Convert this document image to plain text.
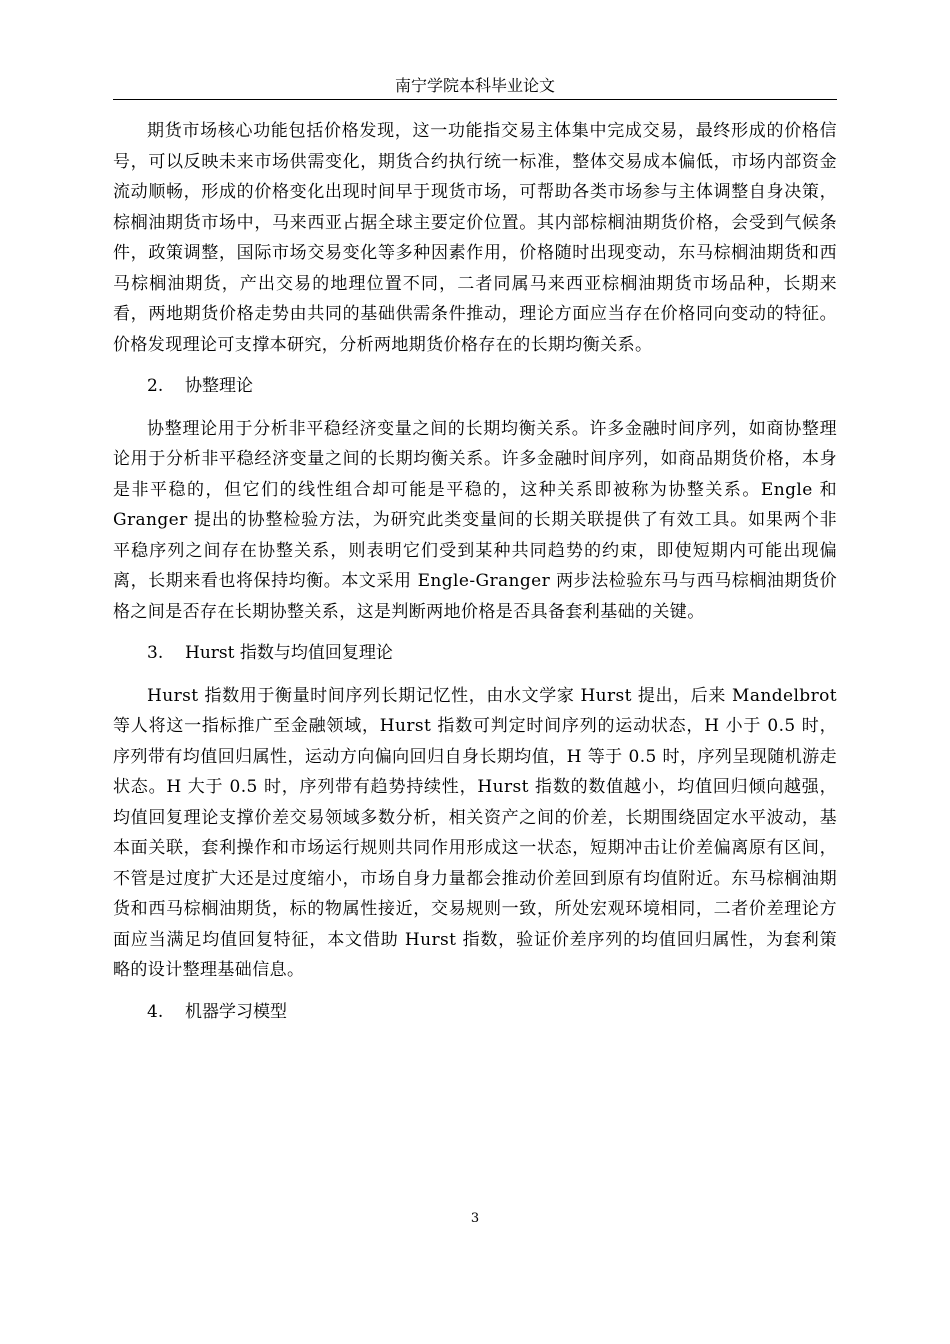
南宁学院本科毕业论文

期货市场核心功能包括价格发现，这一功能指交易主体集中完成交易，最终形成的价格信号，可以反映未来市场供需变化，期货合约执行统一标准，整体交易成本偏低，市场内部资金流动顺畅，形成的价格变化出现时间早于现货市场，可帮助各类市场参与主体调整自身决策，棕榈油期货市场中，马来西亚占据全球主要定价位置。其内部棕榈油期货价格，会受到气候条件，政策调整，国际市场交易变化等多种因素作用，价格随时出现变动，东马棕榈油期货和西马棕榈油期货，产出交易的地理位置不同，二者同属马来西亚棕榈油期货市场品种，长期来看，两地期货价格走势由共同的基础供需条件推动，理论方面应当存在价格同向变动的特征。价格发现理论可支撑本研究，分析两地期货价格存在的长期均衡关系。

2. 协整理论

协整理论用于分析非平稳经济变量之间的长期均衡关系。许多金融时间序列，如商协整理论用于分析非平稳经济变量之间的长期均衡关系。许多金融时间序列，如商品期货价格，本身是非平稳的，但它们的线性组合却可能是平稳的，这种关系即被称为协整关系。Engle 和 Granger 提出的协整检验方法，为研究此类变量间的长期关联提供了有效工具。如果两个非平稳序列之间存在协整关系，则表明它们受到某种共同趋势的约束，即使短期内可能出现偏离，长期来看也将保持均衡。本文采用 Engle-Granger 两步法检验东马与西马棕榈油期货价格之间是否存在长期协整关系，这是判断两地价格是否具备套利基础的关键。

3. Hurst 指数与均值回复理论

Hurst 指数用于衡量时间序列长期记忆性，由水文学家 Hurst 提出，后来 Mandelbrot 等人将这一指标推广至金融领域，Hurst 指数可判定时间序列的运动状态，H 小于 0.5 时，序列带有均值回归属性，运动方向偏向回归自身长期均值，H 等于 0.5 时，序列呈现随机游走状态。H 大于 0.5 时，序列带有趋势持续性，Hurst 指数的数值越小，均值回归倾向越强，均值回复理论支撑价差交易领域多数分析，相关资产之间的价差，长期围绕固定水平波动，基本面关联，套利操作和市场运行规则共同作用形成这一状态，短期冲击让价差偏离原有区间，不管是过度扩大还是过度缩小，市场自身力量都会推动价差回到原有均值附近。东马棕榈油期货和西马棕榈油期货，标的物属性接近，交易规则一致，所处宏观环境相同，二者价差理论方面应当满足均值回复特征，本文借助 Hurst 指数，验证价差序列的均值回归属性，为套利策略的设计整理基础信息。

4. 机器学习模型

3
